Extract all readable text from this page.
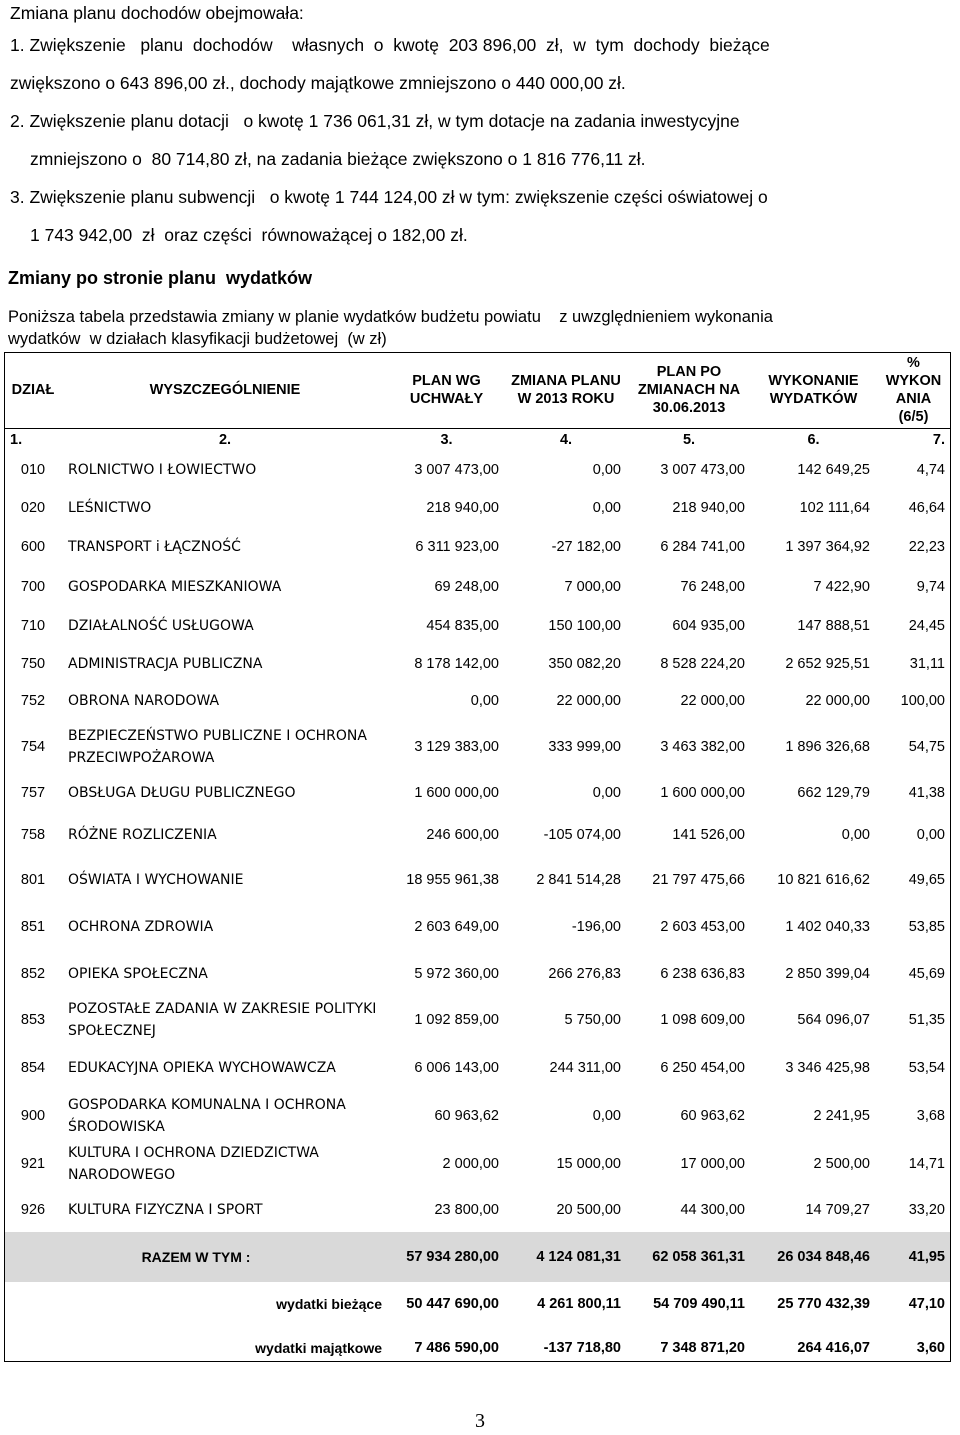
Zmiana planu dochodów obejmowała:
1. Zwiększenie   planu  dochodów    własnych  o  kwotę  203 896,00  zł,  w  tym  dochody  bieżące
zwiększono o 643 896,00 zł., dochody majątkowe zmniejszono o 440 000,00 zł.
2. Zwiększenie planu dotacji   o kwotę 1 736 061,31 zł, w tym dotacje na zadania inwestycyjne
zmniejszono o  80 714,80 zł, na zadania bieżące zwiększono o 1 816 776,11 zł.
3. Zwiększenie planu subwencji   o kwotę 1 744 124,00 zł w tym: zwiększenie części oświatowej o
1 743 942,00  zł  oraz części  równoważącej o 182,00 zł.
Zmiany po stronie planu  wydatków
Poniższa tabela przedstawia zmiany w planie wydatków budżetu powiatu    z uwzględnieniem wykonania
wydatków  w działach klasyfikacji budżetowej  (w zł)
DZIAŁ	WYSZCZEGÓLNIENIE	PLAN WG UCHWAŁY	ZMIANA PLANU W 2013 ROKU	PLAN PO ZMIANACH NA 30.06.2013	WYKONANIE WYDATKÓW	% WYKON ANIA (6/5)
1.	2.	3.	4.	5.	6.	7.
010	ROLNICTWO I ŁOWIECTWO	3 007 473,00	0,00	3 007 473,00	142 649,25	4,74
020	LEŚNICTWO	218 940,00	0,00	218 940,00	102 111,64	46,64
600	TRANSPORT i ŁĄCZNOŚĆ	6 311 923,00	-27 182,00	6 284 741,00	1 397 364,92	22,23
700	GOSPODARKA MIESZKANIOWA	69 248,00	7 000,00	76 248,00	7 422,90	9,74
710	DZIAŁALNOŚĆ USŁUGOWA	454 835,00	150 100,00	604 935,00	147 888,51	24,45
750	ADMINISTRACJA PUBLICZNA	8 178 142,00	350 082,20	8 528 224,20	2 652 925,51	31,11
752	OBRONA NARODOWA	0,00	22 000,00	22 000,00	22 000,00	100,00
754	BEZPIECZEŃSTWO PUBLICZNE I OCHRONA PRZECIWPOŻAROWA	3 129 383,00	333 999,00	3 463 382,00	1 896 326,68	54,75
757	OBSŁUGA DŁUGU PUBLICZNEGO	1 600 000,00	0,00	1 600 000,00	662 129,79	41,38
758	RÓŻNE ROZLICZENIA	246 600,00	-105 074,00	141 526,00	0,00	0,00
801	OŚWIATA I WYCHOWANIE	18 955 961,38	2 841 514,28	21 797 475,66	10 821 616,62	49,65
851	OCHRONA ZDROWIA	2 603 649,00	-196,00	2 603 453,00	1 402 040,33	53,85
852	OPIEKA SPOŁECZNA	5 972 360,00	266 276,83	6 238 636,83	2 850 399,04	45,69
853	POZOSTAŁE ZADANIA W ZAKRESIE POLITYKI SPOŁECZNEJ	1 092 859,00	5 750,00	1 098 609,00	564 096,07	51,35
854	EDUKACYJNA OPIEKA WYCHOWAWCZA	6 006 143,00	244 311,00	6 250 454,00	3 346 425,98	53,54
900	GOSPODARKA KOMUNALNA I OCHRONA ŚRODOWISKA	60 963,62	0,00	60 963,62	2 241,95	3,68
921	KULTURA I OCHRONA DZIEDZICTWA NARODOWEGO	2 000,00	15 000,00	17 000,00	2 500,00	14,71
926	KULTURA FIZYCZNA I SPORT	23 800,00	20 500,00	44 300,00	14 709,27	33,20
RAZEM W TYM :		57 934 280,00	4 124 081,31	62 058 361,31	26 034 848,46	41,95
wydatki bieżące		50 447 690,00	4 261 800,11	54 709 490,11	25 770 432,39	47,10
wydatki majątkowe		7 486 590,00	-137 718,80	7 348 871,20	264 416,07	3,60
3
